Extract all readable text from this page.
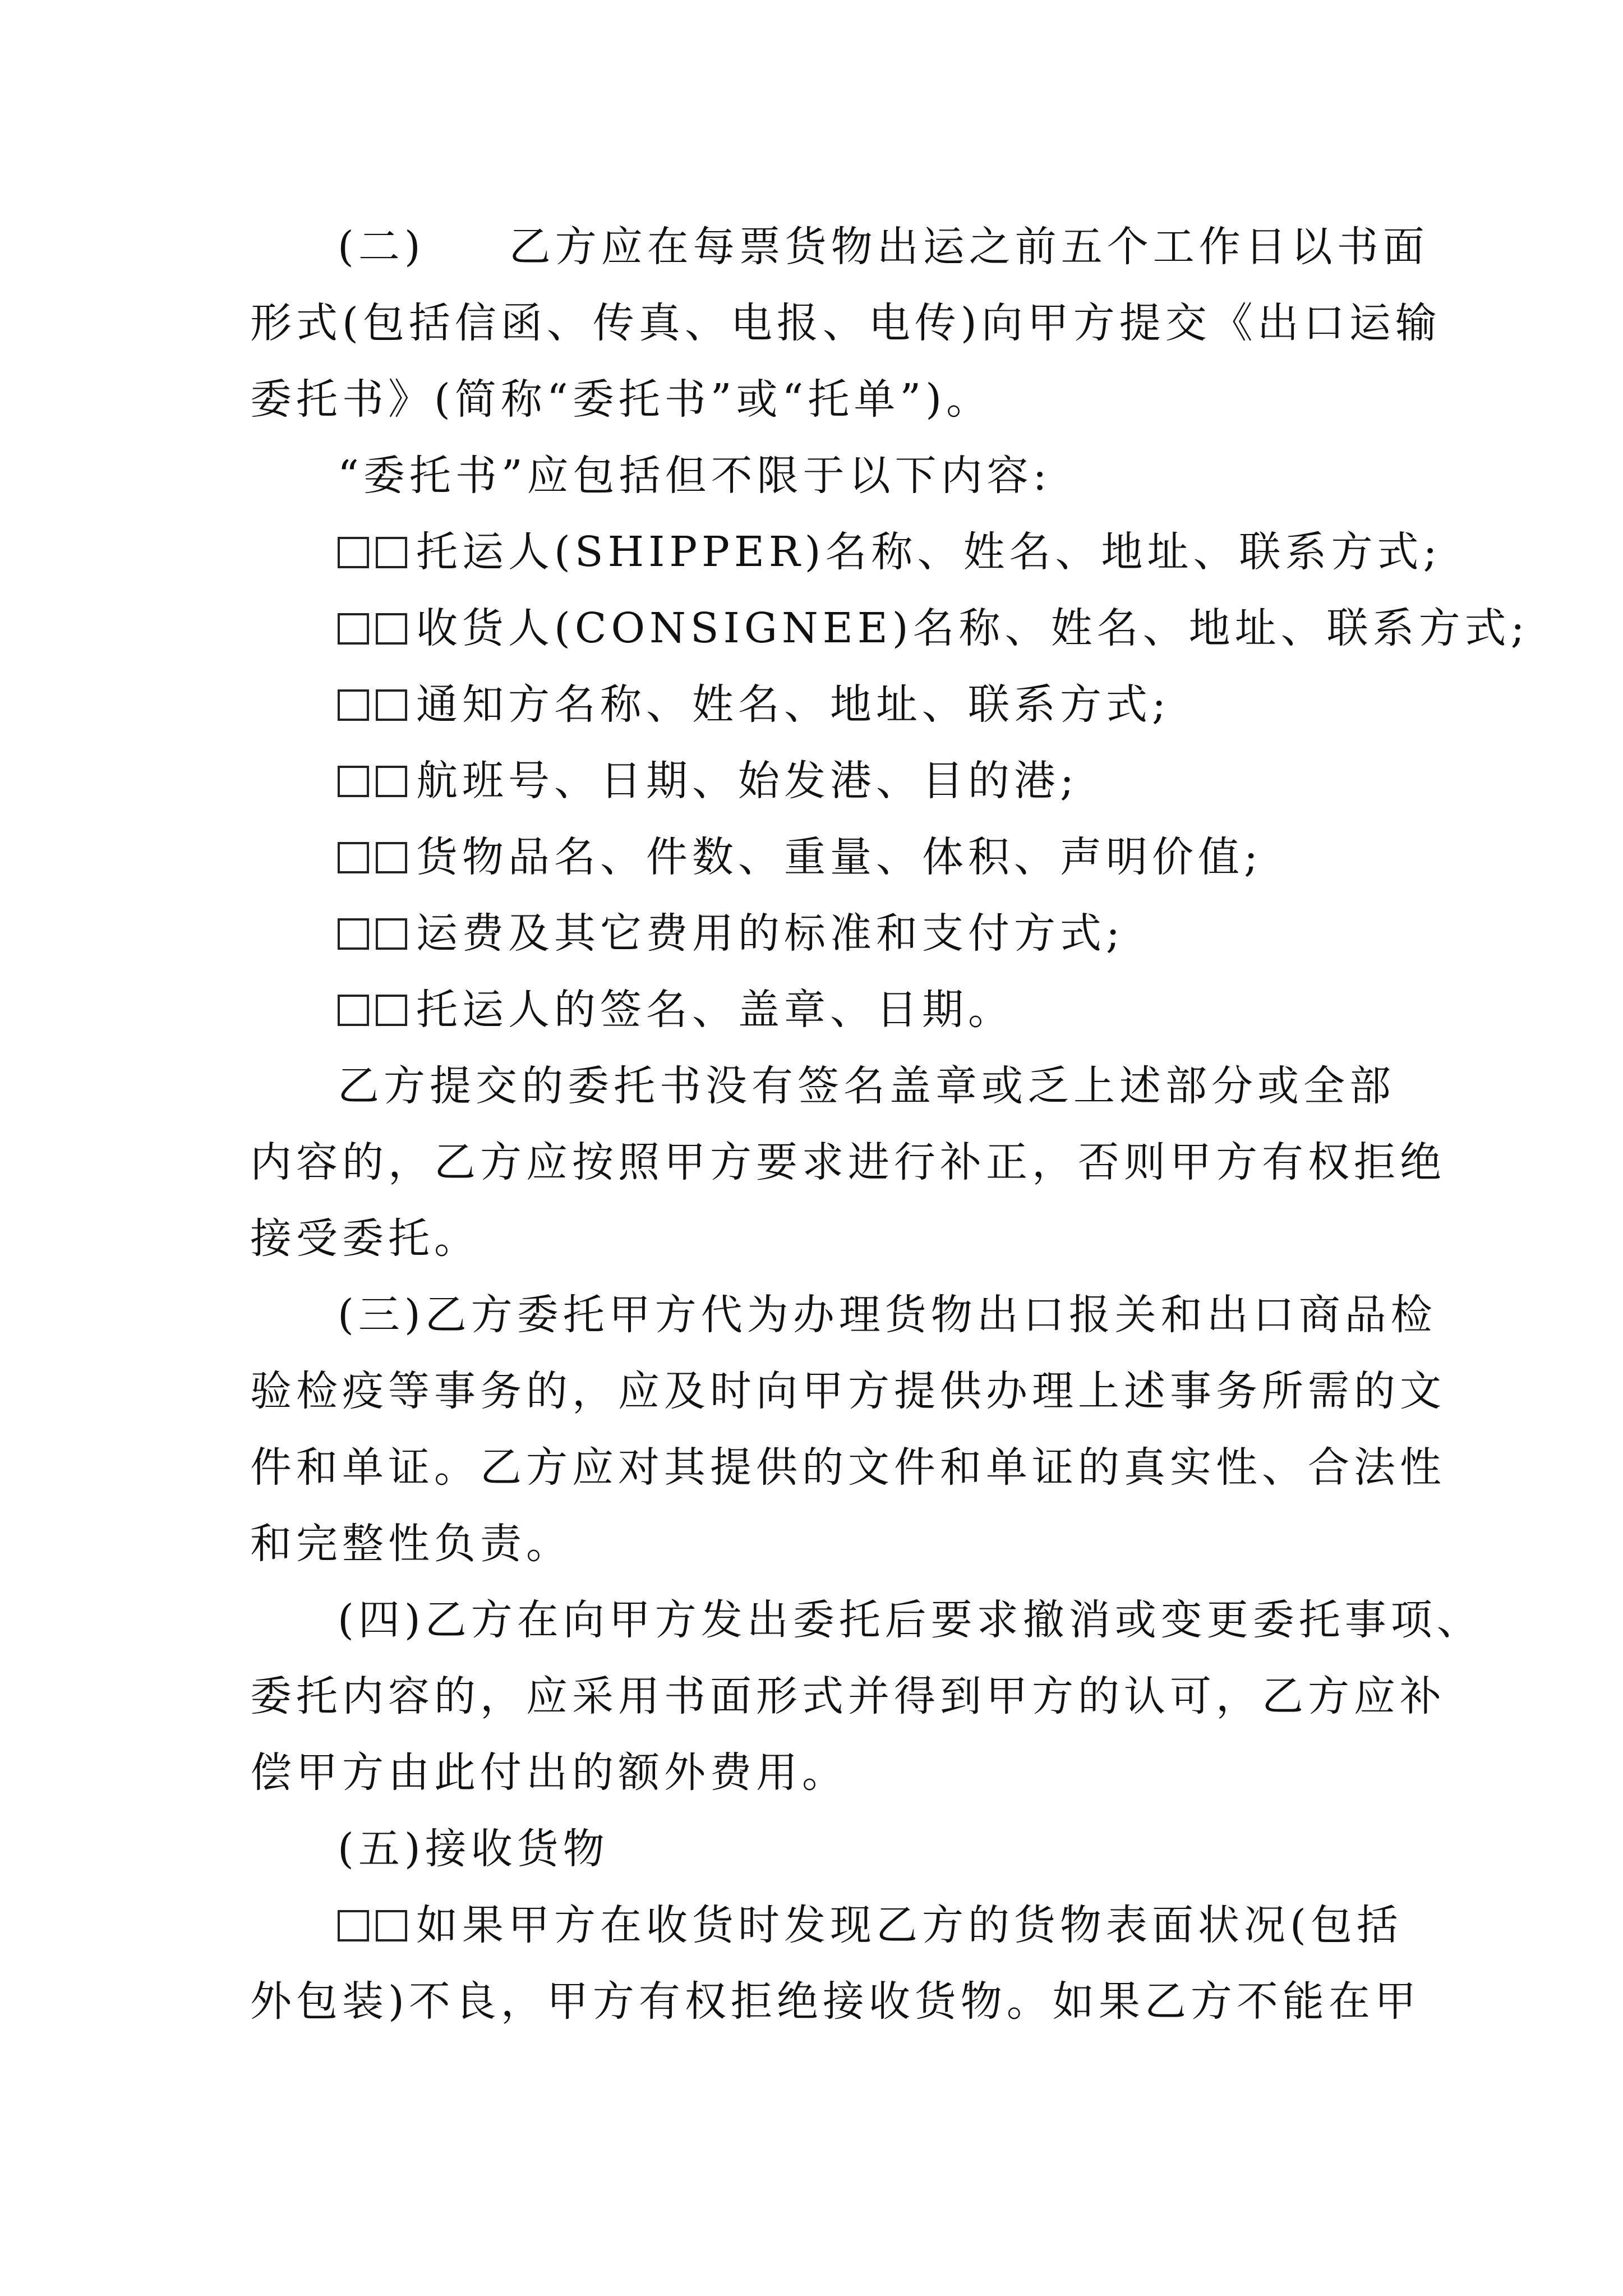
(二) 乙方应在每票货物出运之前五个工作日以书面
形式(包括信函、传真、电报、电传)向甲方提交《出口运输
委托书》(简称“委托书”或“托单”)。
“委托书”应包括但不限于以下内容:
托运人(SHIPPER)名称、姓名、地址、联系方式;
收货人(CONSIGNEE)名称、姓名、地址、联系方式;
通知方名称、姓名、地址、联系方式;
航班号、日期、始发港、目的港;
货物品名、件数、重量、体积、声明价值;
运费及其它费用的标准和支付方式;
托运人的签名、盖章、日期。
乙方提交的委托书没有签名盖章或乏上述部分或全部
内容的，乙方应按照甲方要求进行补正，否则甲方有权拒绝
接受委托。
(三)乙方委托甲方代为办理货物出口报关和出口商品检
验检疫等事务的，应及时向甲方提供办理上述事务所需的文
件和单证。乙方应对其提供的文件和单证的真实性、合法性
和完整性负责。
(四)乙方在向甲方发出委托后要求撤消或变更委托事项、
委托内容的，应采用书面形式并得到甲方的认可，乙方应补
偿甲方由此付出的额外费用。
(五)接收货物
如果甲方在收货时发现乙方的货物表面状况(包括
外包装)不良，甲方有权拒绝接收货物。如果乙方不能在甲
